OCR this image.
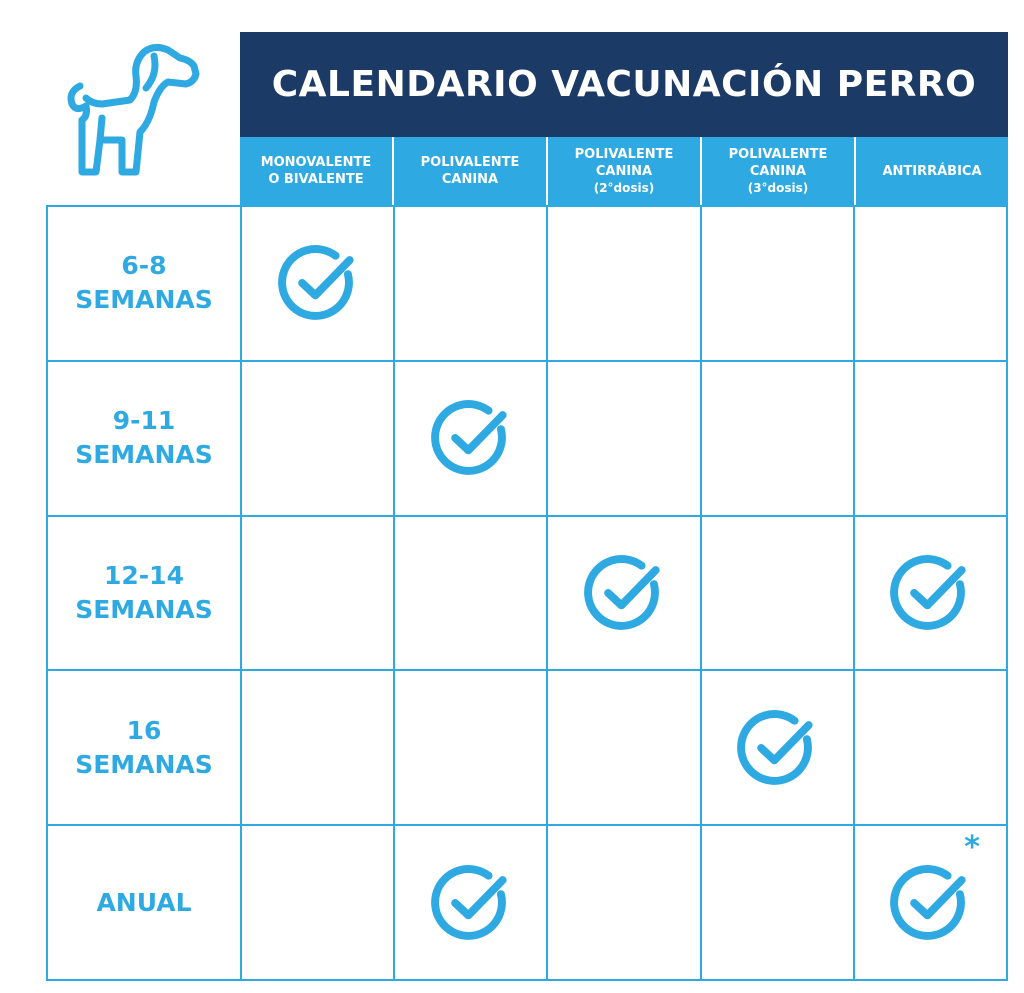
CALENDARIO VACUNACIÓN PERRO
MONOVALENTE
O BIVALENTE
POLIVALENTE
CANINA
POLIVALENTE
CANINA
(2°dosis)
POLIVALENTE
CANINA
(3°dosis)
ANTIRRÁBICA
6-8
SEMANAS
9-11
SEMANAS
12-14
SEMANAS
16
SEMANAS
ANUAL
*
